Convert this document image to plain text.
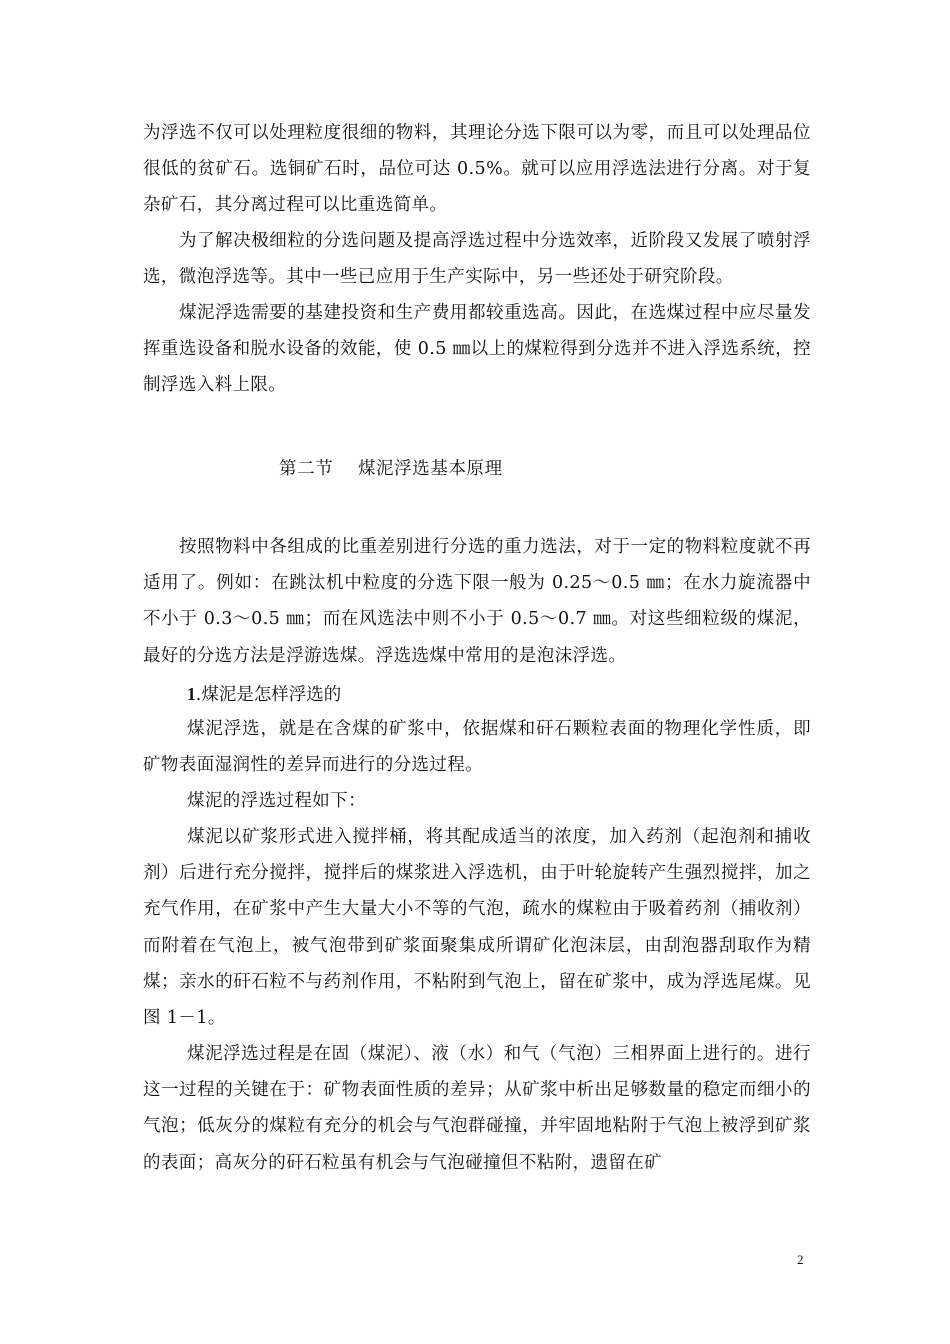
为浮选不仅可以处理粒度很细的物料，其理论分选下限可以为零，而且可以处理品位很低的贫矿石。选铜矿石时，品位可达 0.5%。就可以应用浮选法进行分离。对于复杂矿石，其分离过程可以比重选简单。

为了解决极细粒的分选问题及提高浮选过程中分选效率，近阶段又发展了喷射浮选，微泡浮选等。其中一些已应用于生产实际中，另一些还处于研究阶段。

煤泥浮选需要的基建投资和生产费用都较重选高。因此，在选煤过程中应尽量发挥重选设备和脱水设备的效能，使 0.5 ㎜以上的煤粒得到分选并不进入浮选系统，控制浮选入料上限。

第二节    煤泥浮选基本原理

按照物料中各组成的比重差别进行分选的重力选法，对于一定的物料粒度就不再适用了。例如：在跳汰机中粒度的分选下限一般为 0.25～0.5 ㎜；在水力旋流器中不小于 0.3～0.5 ㎜；而在风选法中则不小于 0.5～0.7 ㎜。对这些细粒级的煤泥，最好的分选方法是浮游选煤。浮选选煤中常用的是泡沫浮选。

1.煤泥是怎样浮选的

煤泥浮选，就是在含煤的矿浆中，依据煤和矸石颗粒表面的物理化学性质，即矿物表面湿润性的差异而进行的分选过程。

煤泥的浮选过程如下：

煤泥以矿浆形式进入搅拌桶，将其配成适当的浓度，加入药剂（起泡剂和捕收剂）后进行充分搅拌，搅拌后的煤浆进入浮选机，由于叶轮旋转产生强烈搅拌，加之充气作用，在矿浆中产生大量大小不等的气泡，疏水的煤粒由于吸着药剂（捕收剂）而附着在气泡上，被气泡带到矿浆面聚集成所谓矿化泡沫层，由刮泡器刮取作为精煤；亲水的矸石粒不与药剂作用，不粘附到气泡上，留在矿浆中，成为浮选尾煤。见图 1－1。

煤泥浮选过程是在固（煤泥）、液（水）和气（气泡）三相界面上进行的。进行这一过程的关键在于：矿物表面性质的差异；从矿浆中析出足够数量的稳定而细小的气泡；低灰分的煤粒有充分的机会与气泡群碰撞，并牢固地粘附于气泡上被浮到矿浆的表面；高灰分的矸石粒虽有机会与气泡碰撞但不粘附，遗留在矿

2
